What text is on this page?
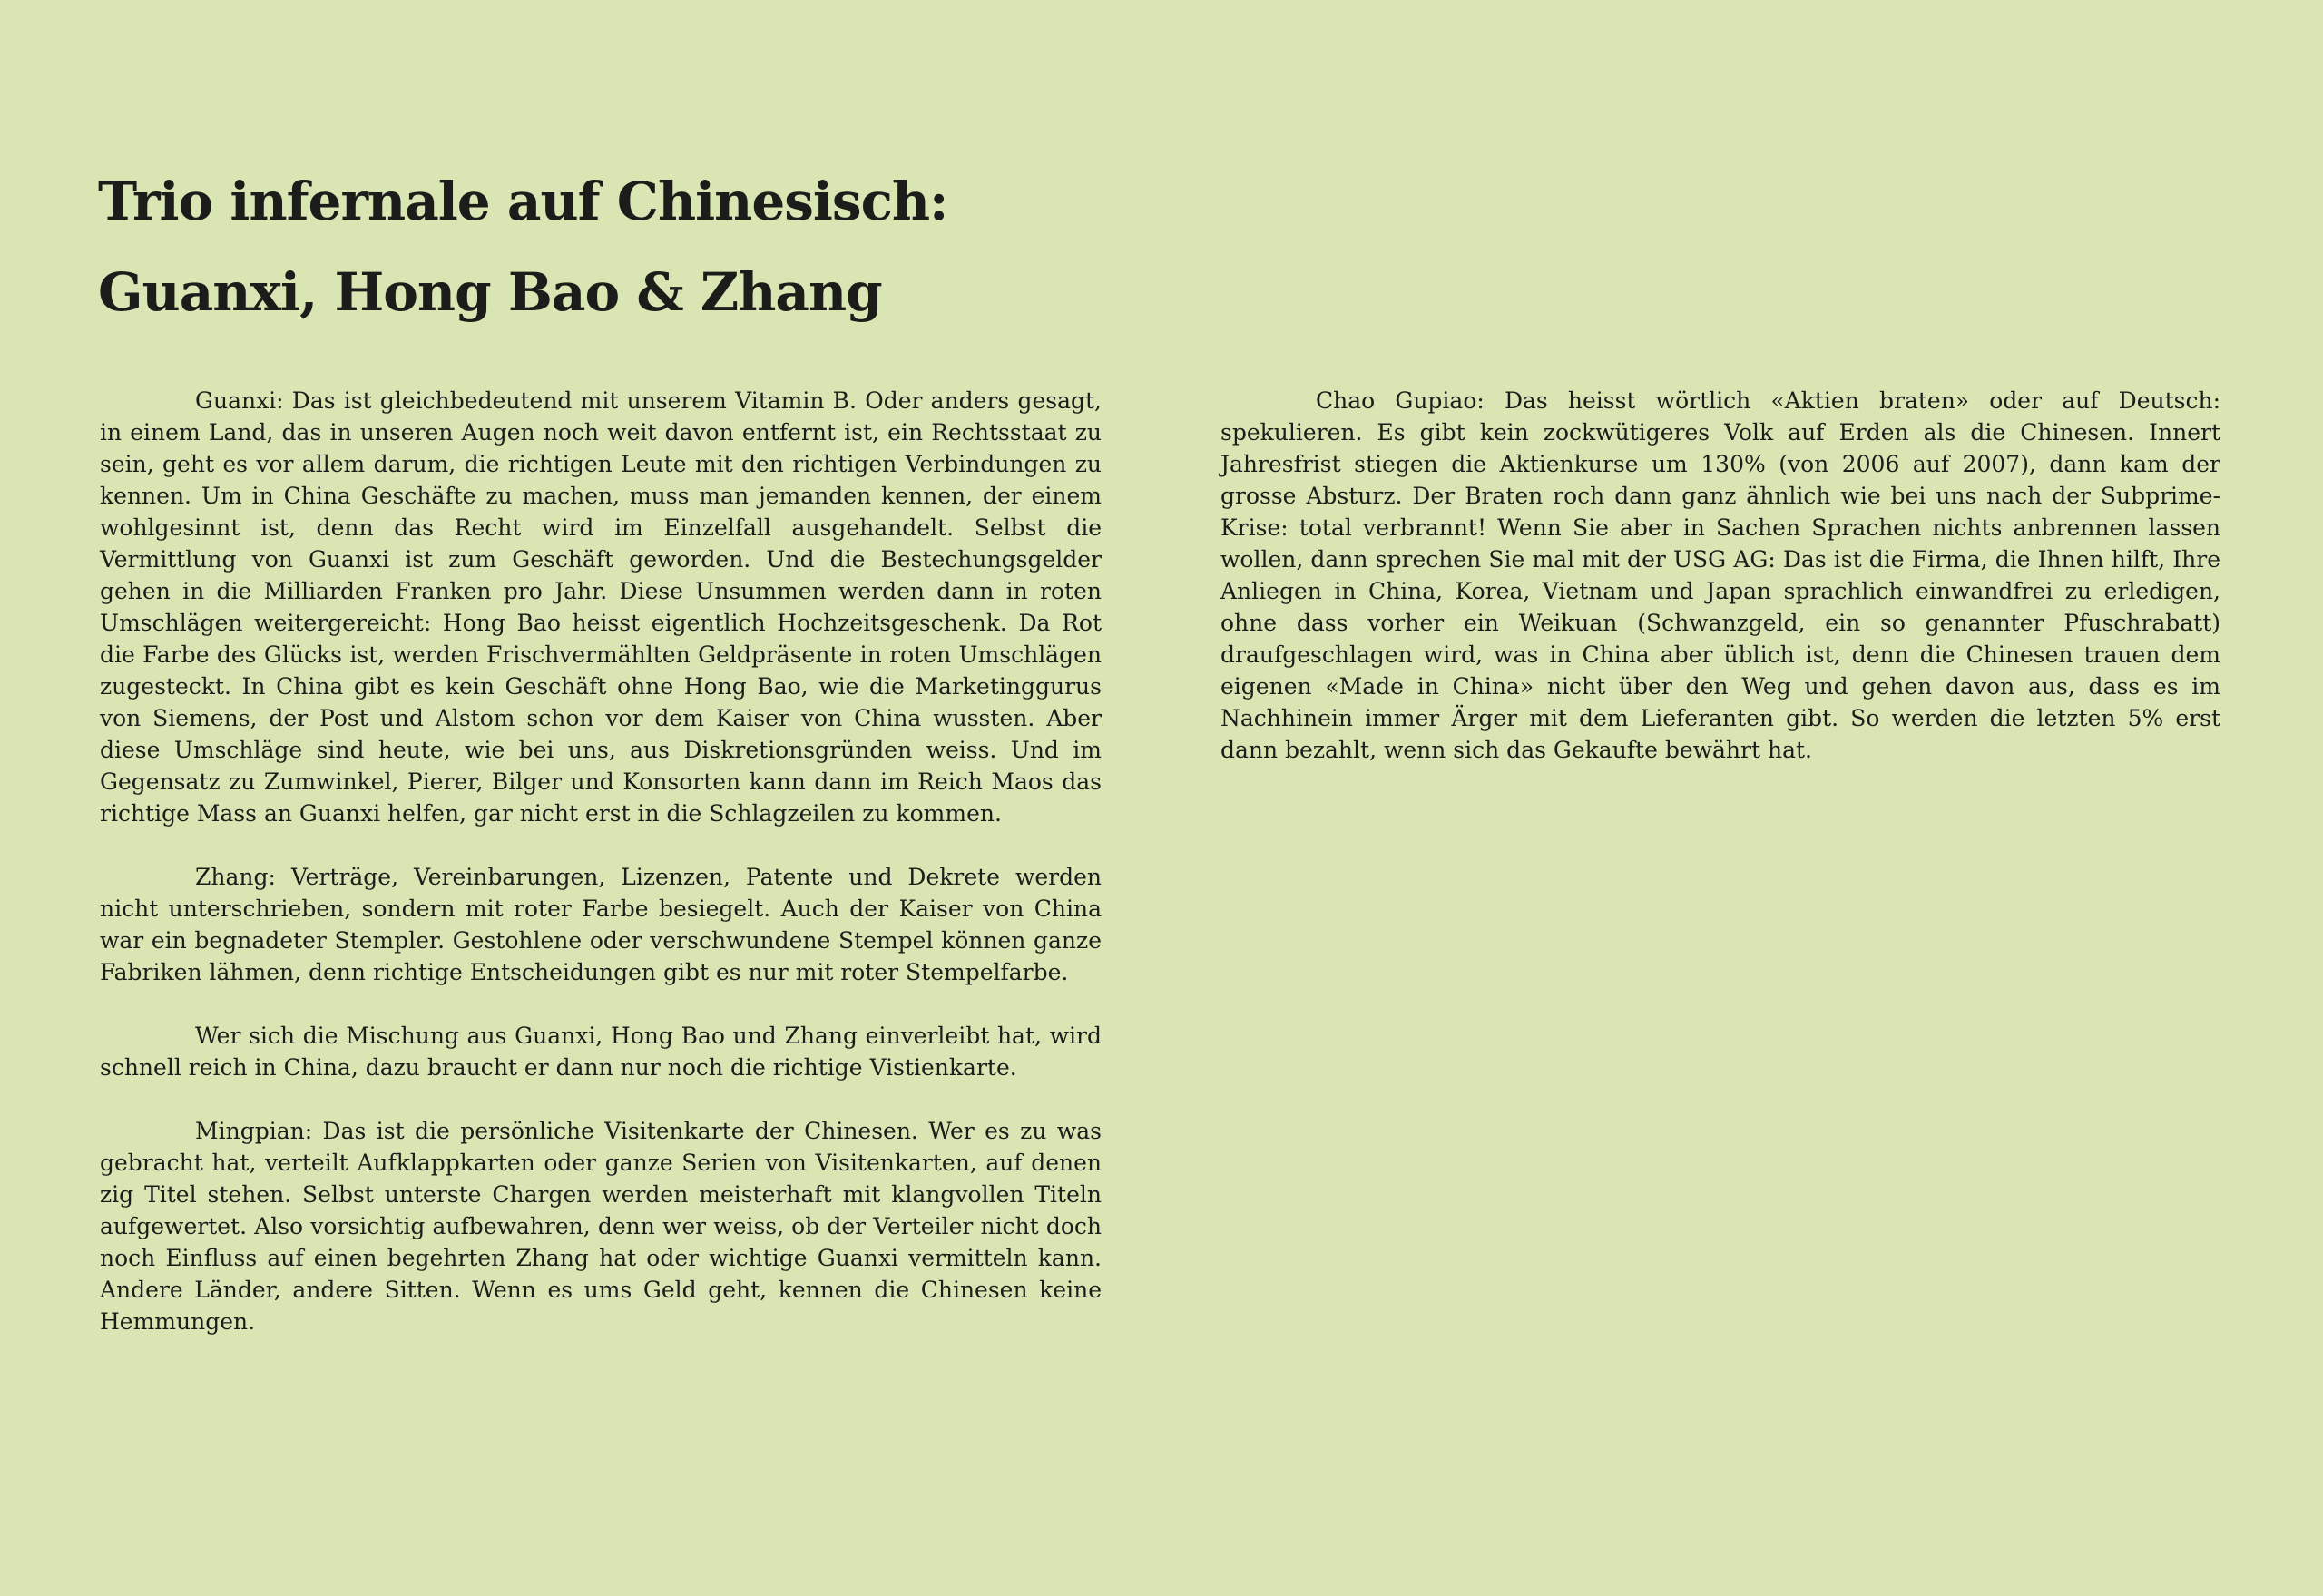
Trio infernale auf Chinesisch:
Guanxi, Hong Bao & Zhang

Guanxi: Das ist gleichbedeutend mit unserem Vitamin B. Oder anders gesagt, in einem Land, das in unseren Augen noch weit davon entfernt ist, ein Rechtsstaat zu sein, geht es vor allem darum, die richtigen Leute mit den richtigen Verbindungen zu kennen. Um in China Geschäfte zu machen, muss man jemanden kennen, der einem wohlgesinnt ist, denn das Recht wird im Einzelfall ausgehandelt. Selbst die Vermittlung von Guanxi ist zum Geschäft geworden. Und die Bestechungsgelder gehen in die Milliarden Franken pro Jahr. Diese Unsummen werden dann in roten Umschlägen weitergereicht: Hong Bao heisst eigentlich Hochzeitsgeschenk. Da Rot die Farbe des Glücks ist, werden Frischvermählten Geldpräsente in roten Umschlägen zugesteckt. In China gibt es kein Geschäft ohne Hong Bao, wie die Marketinggurus von Siemens, der Post und Alstom schon vor dem Kaiser von China wussten. Aber diese Umschläge sind heute, wie bei uns, aus Diskretionsgründen weiss. Und im Gegensatz zu Zumwinkel, Pierer, Bilger und Konsorten kann dann im Reich Maos das richtige Mass an Guanxi helfen, gar nicht erst in die Schlagzeilen zu kommen.

Zhang: Verträge, Vereinbarungen, Lizenzen, Patente und Dekrete werden nicht unterschrieben, sondern mit roter Farbe besiegelt. Auch der Kaiser von China war ein begnadeter Stempler. Gestohlene oder verschwundene Stempel können ganze Fabriken lähmen, denn richtige Entscheidungen gibt es nur mit roter Stempelfarbe.

Wer sich die Mischung aus Guanxi, Hong Bao und Zhang einverleibt hat, wird schnell reich in China, dazu braucht er dann nur noch die richtige Vistienkarte.

Mingpian: Das ist die persönliche Visitenkarte der Chinesen. Wer es zu was gebracht hat, verteilt Aufklappkarten oder ganze Serien von Visitenkarten, auf denen zig Titel stehen. Selbst unterste Chargen werden meisterhaft mit klangvollen Titeln aufgewertet. Also vorsichtig aufbewahren, denn wer weiss, ob der Verteiler nicht doch noch Einfluss auf einen begehrten Zhang hat oder wichtige Guanxi vermitteln kann. Andere Länder, andere Sitten. Wenn es ums Geld geht, kennen die Chinesen keine Hemmungen.

Chao Gupiao: Das heisst wörtlich «Aktien braten» oder auf Deutsch: spekulieren. Es gibt kein zockwütigeres Volk auf Erden als die Chinesen. Innert Jahresfrist stiegen die Aktienkurse um 130% (von 2006 auf 2007), dann kam der grosse Absturz. Der Braten roch dann ganz ähnlich wie bei uns nach der Subprime-Krise: total verbrannt! Wenn Sie aber in Sachen Sprachen nichts anbrennen lassen wollen, dann sprechen Sie mal mit der USG AG: Das ist die Firma, die Ihnen hilft, Ihre Anliegen in China, Korea, Vietnam und Japan sprachlich einwandfrei zu erledigen, ohne dass vorher ein Weikuan (Schwanzgeld, ein so genannter Pfuschrabatt) draufgeschlagen wird, was in China aber üblich ist, denn die Chinesen trauen dem eigenen «Made in China» nicht über den Weg und gehen davon aus, dass es im Nachhinein immer Ärger mit dem Lieferanten gibt. So werden die letzten 5% erst dann bezahlt, wenn sich das Gekaufte bewährt hat.
